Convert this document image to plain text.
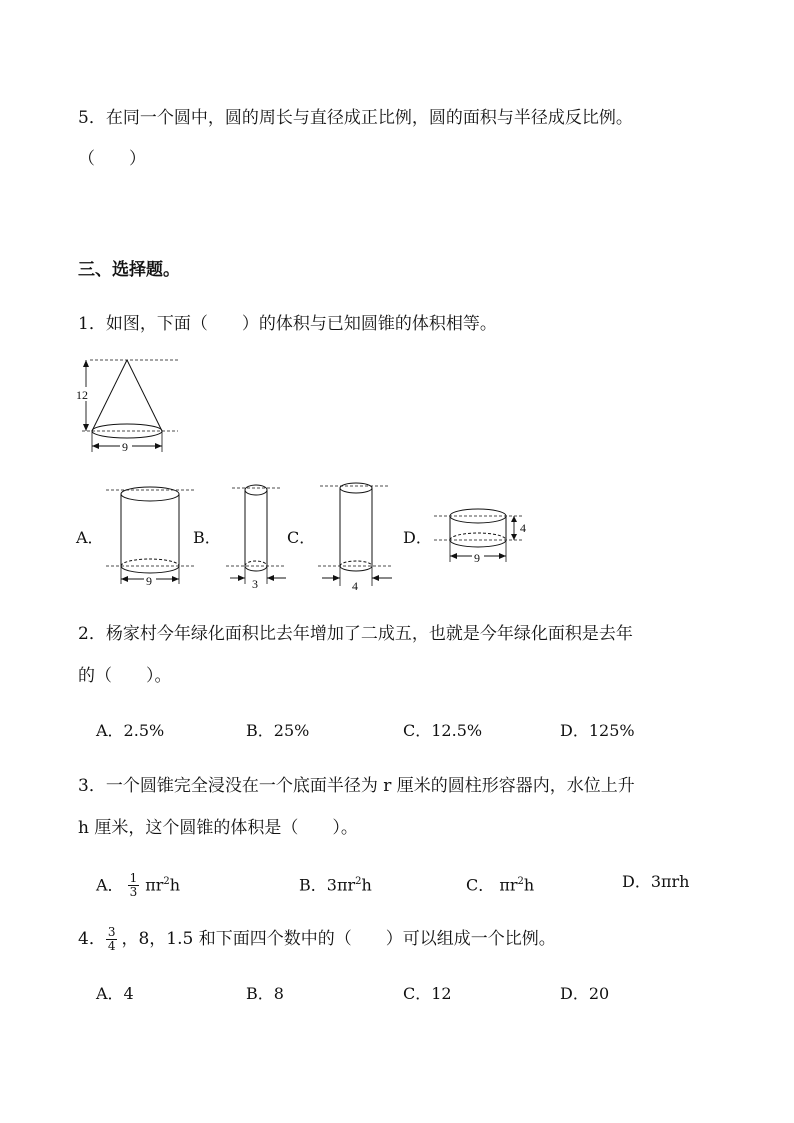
5．在同一个圆中，圆的周长与直径成正比例，圆的面积与半径成反比例。
（　　）
三、选择题。
1．如图，下面（　　）的体积与已知圆锥的体积相等。
12
9
A．
9
B．
3
C．
4
D．	4
9
2．杨家村今年绿化面积比去年增加了二成五，也就是今年绿化面积是去年
的（　　）。
A．2.5%	B．25%	C．12.5%	D．125%
3．一个圆锥完全浸没在一个底面半径为 r 厘米的圆柱形容器内，水位上升
h 厘米，这个圆锥的体积是（　　）。
A． $\frac{1}{3} \pi r^2h$	B．$3\pi r^2h$	C． $\pi r^2h$	D．3πrh
4． $\frac{3}{4}$ ，8，1.5 和下面四个数中的（　　）可以组成一个比例。
A．4	B．8	C．12	D．20
